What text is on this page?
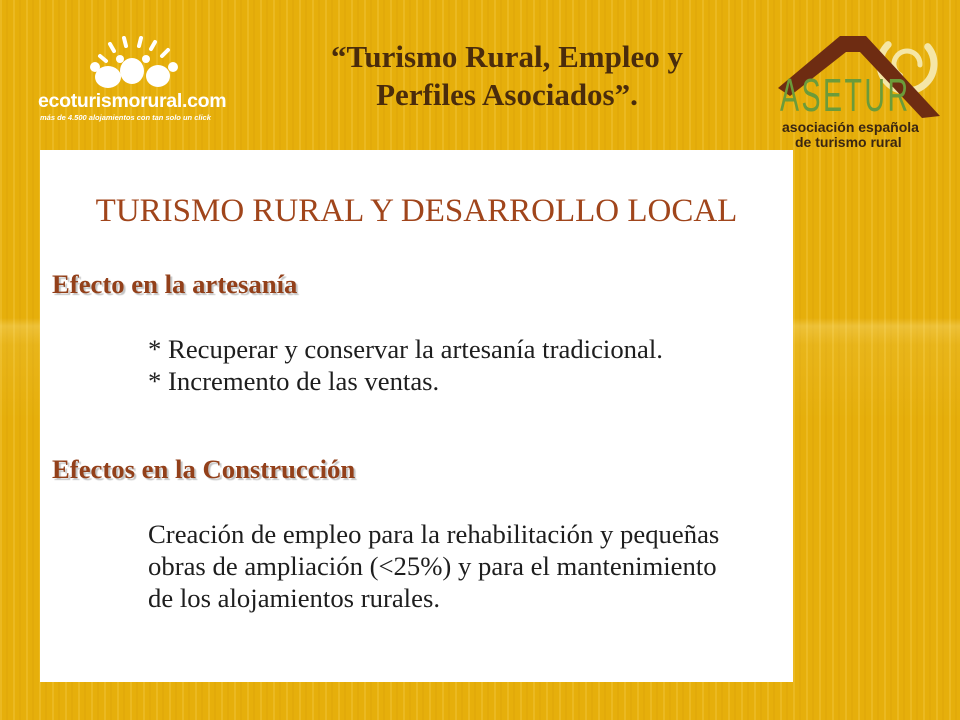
ecoturismorural.com
más de 4.500 alojamientos con tan solo un click
“Turismo Rural, Empleo y
Perfiles Asociados”.	ASETUR
asociación española
de turismo rural
TURISMO RURAL Y DESARROLLO LOCAL
Efecto en la artesanía
* Recuperar y conservar la artesanía tradicional.
* Incremento de las ventas.
Efectos en la Construcción
Creación de empleo para la rehabilitación y pequeñas
obras de ampliación (<25%) y para el mantenimiento
de los alojamientos rurales.
